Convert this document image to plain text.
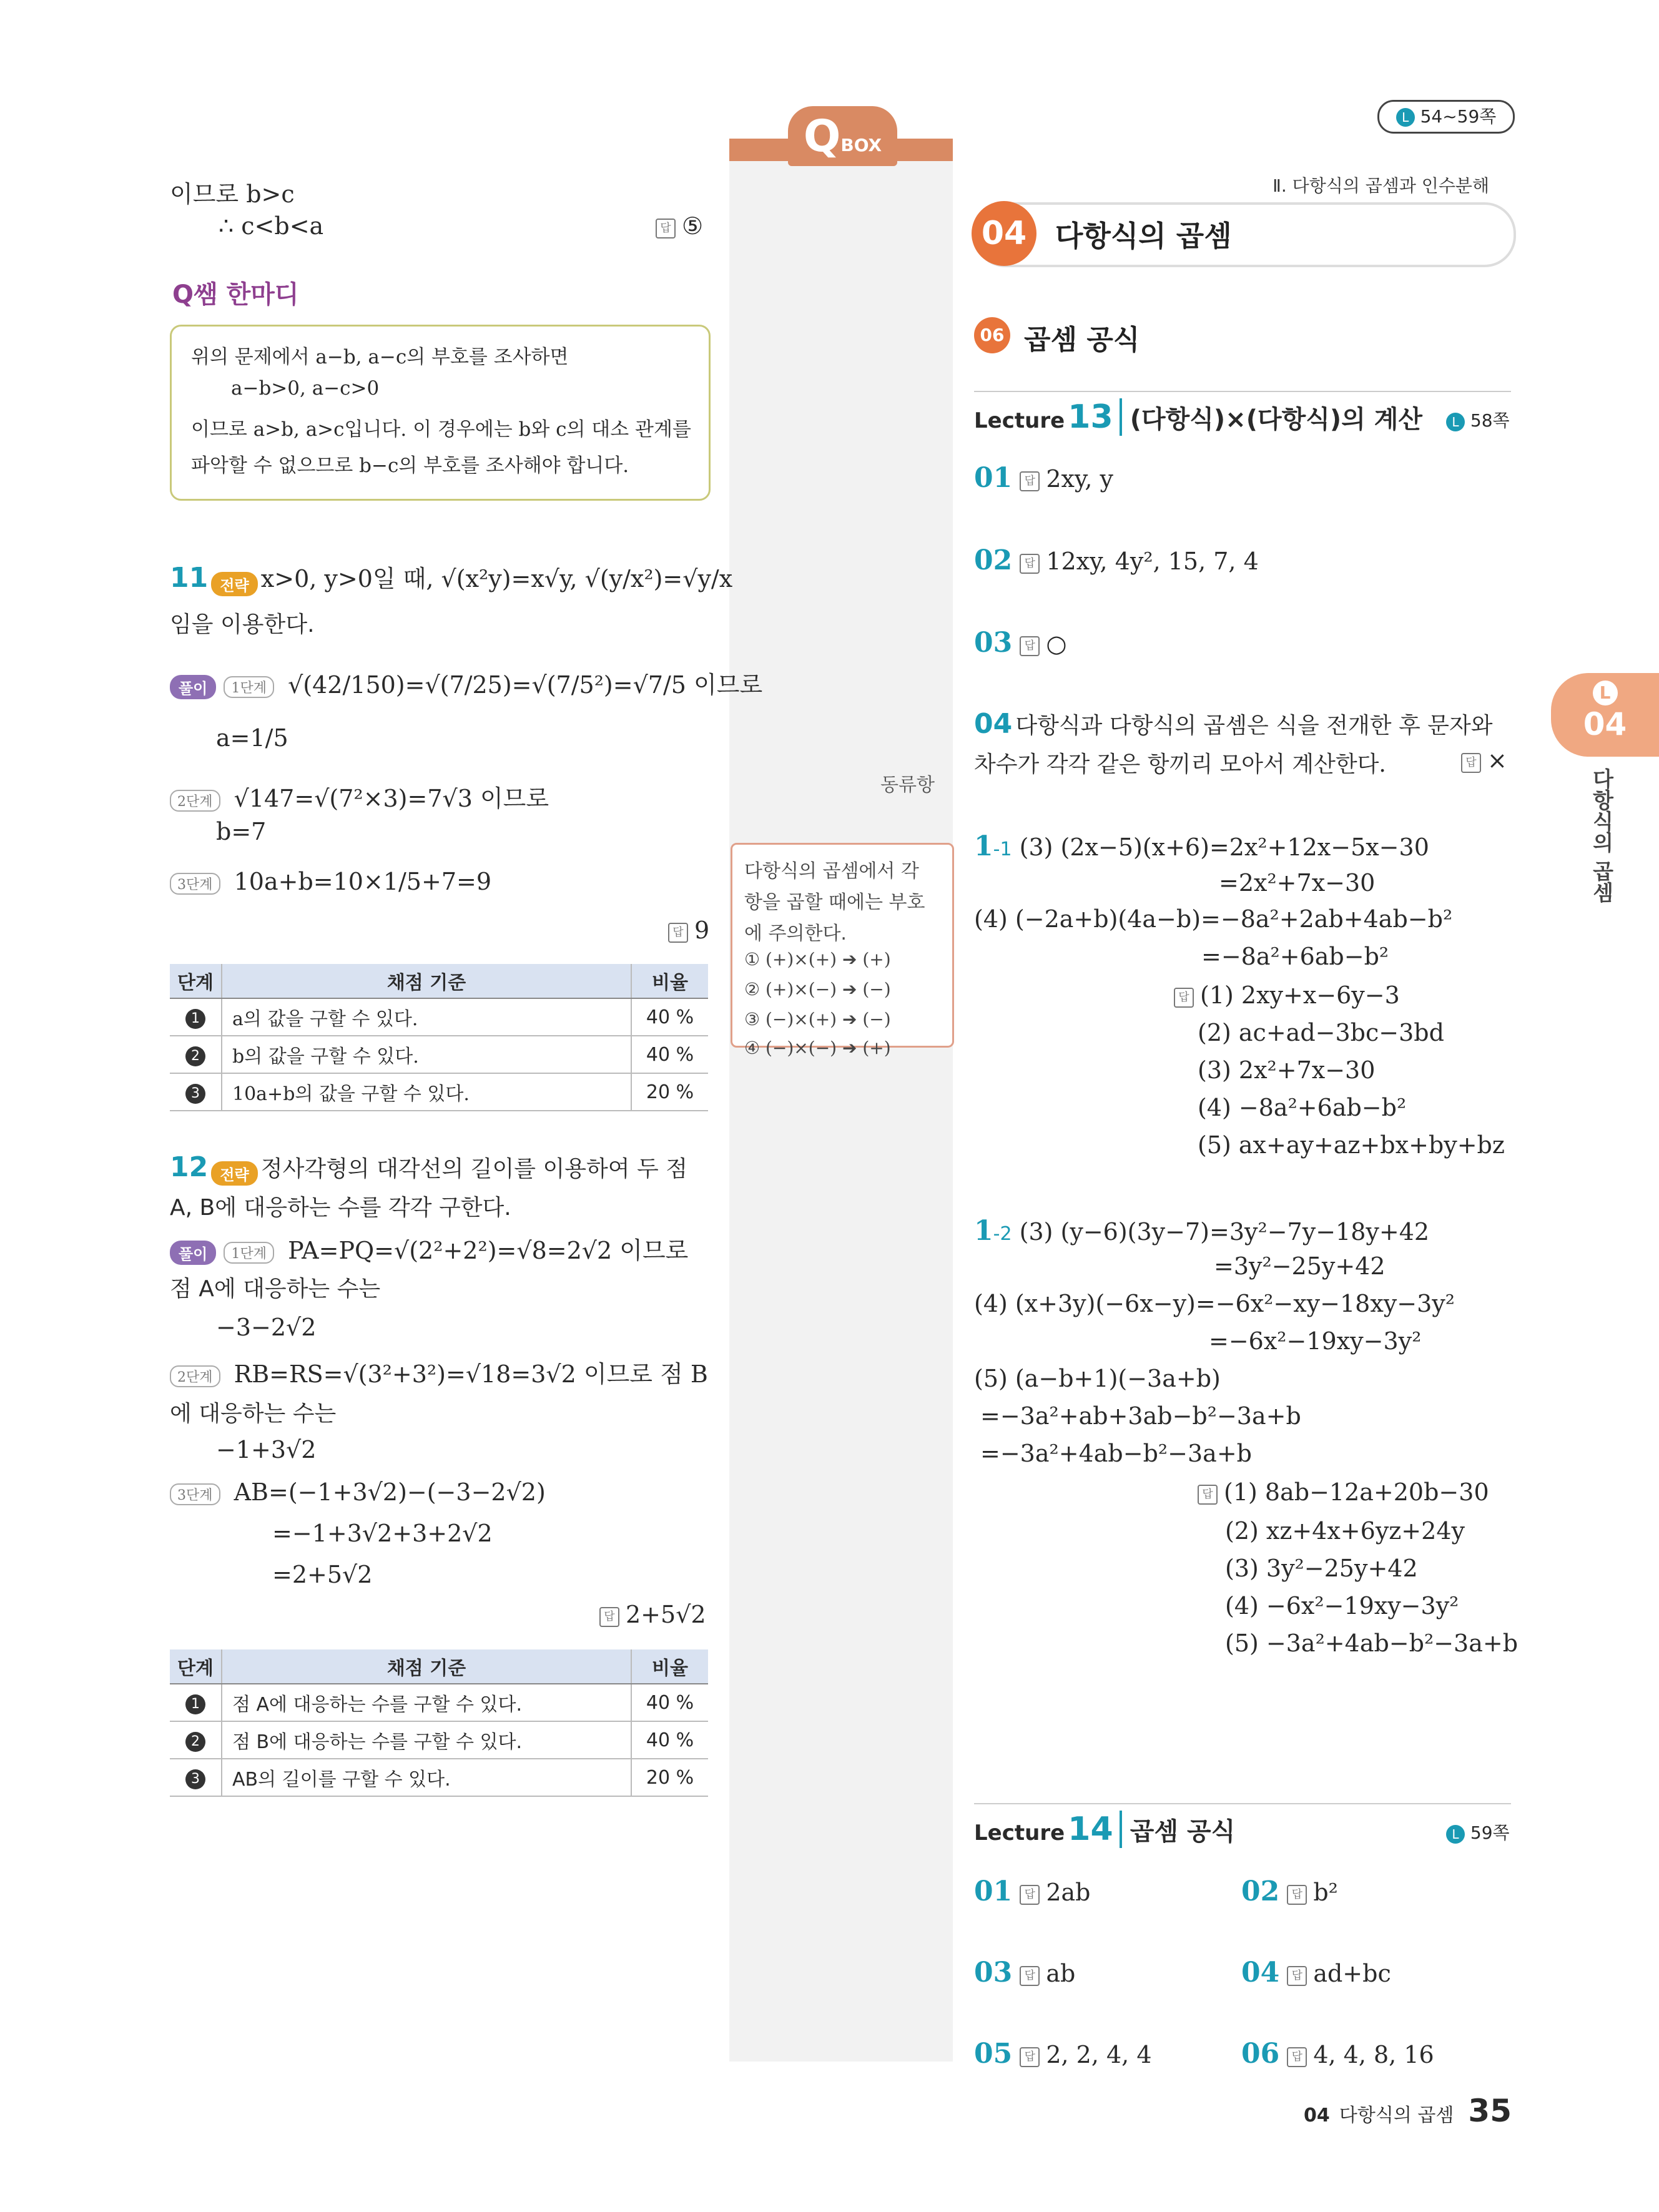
QBOX
L 54~59쪽
Ⅱ. 다항식의 곱셈과 인수분해
04 다항식의 곱셈
06 곱셈 공식
이므로 b>c
∴ c<b<a	답 ⑤
Q쌤 한마디
위의 문제에서 a−b, a−c의 부호를 조사하면
a−b>0, a−c>0
이므로 a>b, a>c입니다. 이 경우에는 b와 c의 대소 관계를
파악할 수 없으므로 b−c의 부호를 조사해야 합니다.
11 전략 x>0, y>0일 때, √(x²y)=x√y, √(y/x²)=√y/x
임을 이용한다.
풀이 1단계 √(42/150)=√(7/25)=√(7/5²)=√7/5 이므로
a=1/5
2단계 √147=√(7²×3)=7√3 이므로
b=7
3단계 10a+b=10×1/5+7=9
답 9
단계	채점 기준	비율
1	a의 값을 구할 수 있다.	40 %
2	b의 값을 구할 수 있다.	40 %
3	10a+b의 값을 구할 수 있다.	20 %
12 전략 정사각형의 대각선의 길이를 이용하여 두 점
A, B에 대응하는 수를 각각 구한다.
풀이 1단계 PA=PQ=√(2²+2²)=√8=2√2 이므로
점 A에 대응하는 수는
−3−2√2
2단계 RB=RS=√(3²+3²)=√18=3√2 이므로 점 B
에 대응하는 수는
−1+3√2
3단계 AB=(−1+3√2)−(−3−2√2)
=−1+3√2+3+2√2
=2+5√2
답 2+5√2
단계	채점 기준	비율
1	점 A에 대응하는 수를 구할 수 있다.	40 %
2	점 B에 대응하는 수를 구할 수 있다.	40 %
3	AB의 길이를 구할 수 있다.	20 %
동류항
다항식의 곱셈에서 각
항을 곱할 때에는 부호
에 주의한다.
① (+)×(+) ➔ (+)
② (+)×(−) ➔ (−)
③ (−)×(+) ➔ (−)
④ (−)×(−) ➔ (+)
Lecture 13 (다항식)×(다항식)의 계산	L 58쪽
01 답 2xy, y
02 답 12xy, 4y², 15, 7, 4
03 답 ○
04 다항식과 다항식의 곱셈은 식을 전개한 후 문자와
차수가 각각 같은 항끼리 모아서 계산한다.	답 ×
1-1 (3) (2x−5)(x+6)=2x²+12x−5x−30
=2x²+7x−30
(4) (−2a+b)(4a−b)=−8a²+2ab+4ab−b²
=−8a²+6ab−b²
답 (1) 2xy+x−6y−3
(2) ac+ad−3bc−3bd
(3) 2x²+7x−30
(4) −8a²+6ab−b²
(5) ax+ay+az+bx+by+bz
1-2 (3) (y−6)(3y−7)=3y²−7y−18y+42
=3y²−25y+42
(4) (x+3y)(−6x−y)=−6x²−xy−18xy−3y²
=−6x²−19xy−3y²
(5) (a−b+1)(−3a+b)
=−3a²+ab+3ab−b²−3a+b
=−3a²+4ab−b²−3a+b
답 (1) 8ab−12a+20b−30
(2) xz+4x+6yz+24y
(3) 3y²−25y+42
(4) −6x²−19xy−3y²
(5) −3a²+4ab−b²−3a+b
Lecture 14 곱셈 공식	L 59쪽
01 답 2ab	02 답 b²
03 답 ab	04 답 ad+bc
05 답 2, 2, 4, 4	06 답 4, 4, 8, 16
L
04
다항식의 곱셈
04 다항식의 곱셈 35
